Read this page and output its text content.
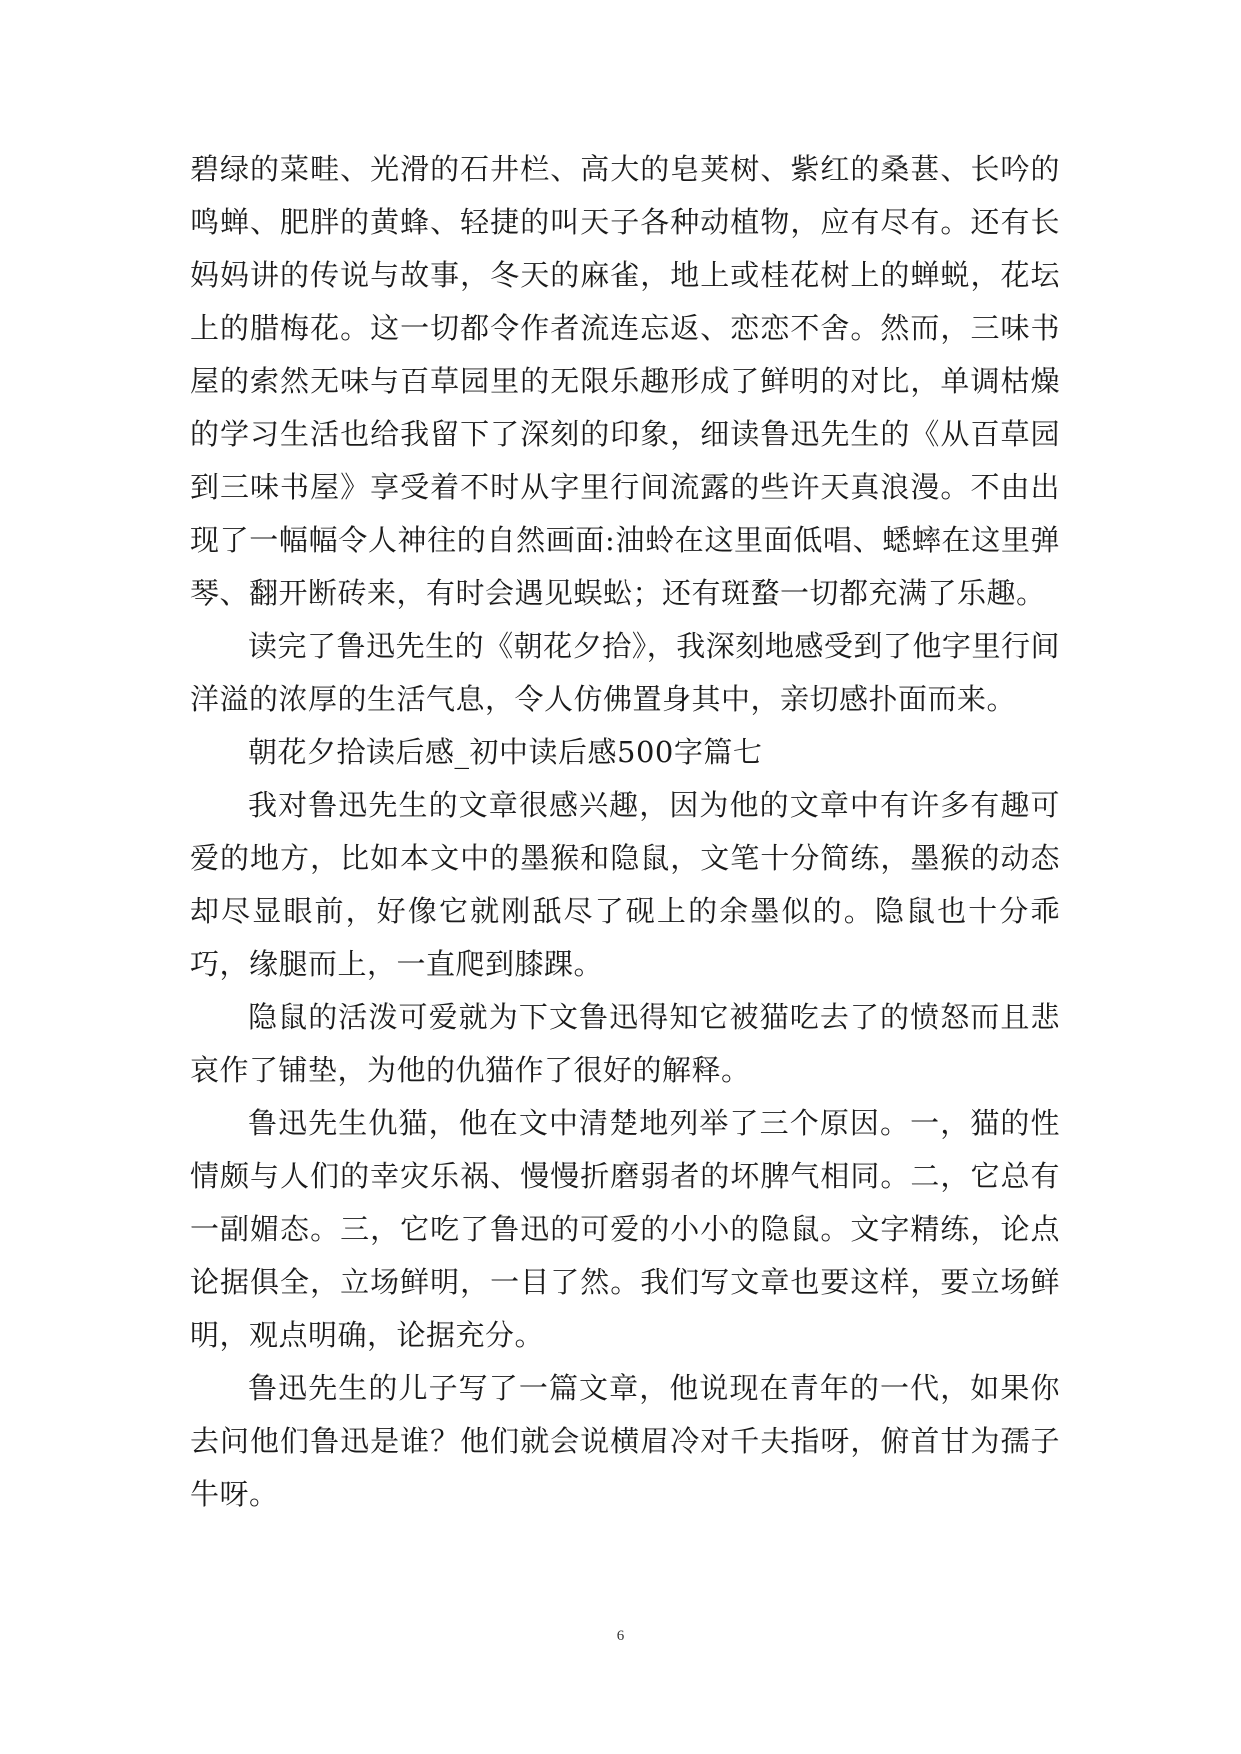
碧绿的菜畦、光滑的石井栏、高大的皂荚树、紫红的桑葚、长吟的鸣蝉、肥胖的黄蜂、轻捷的叫天子各种动植物，应有尽有。还有长妈妈讲的传说与故事，冬天的麻雀，地上或桂花树上的蝉蜕，花坛上的腊梅花。这一切都令作者流连忘返、恋恋不舍。然而，三味书屋的索然无味与百草园里的无限乐趣形成了鲜明的对比，单调枯燥的学习生活也给我留下了深刻的印象，细读鲁迅先生的《从百草园到三味书屋》享受着不时从字里行间流露的些许天真浪漫。不由出现了一幅幅令人神往的自然画面:油蛉在这里面低唱、蟋蟀在这里弹琴、翻开断砖来，有时会遇见蜈蚣；还有斑蝥一切都充满了乐趣。

读完了鲁迅先生的《朝花夕拾》，我深刻地感受到了他字里行间洋溢的浓厚的生活气息，令人仿佛置身其中，亲切感扑面而来。

朝花夕拾读后感_初中读后感500字篇七

我对鲁迅先生的文章很感兴趣，因为他的文章中有许多有趣可爱的地方，比如本文中的墨猴和隐鼠，文笔十分简练，墨猴的动态却尽显眼前，好像它就刚舐尽了砚上的余墨似的。隐鼠也十分乖巧，缘腿而上，一直爬到膝踝。

隐鼠的活泼可爱就为下文鲁迅得知它被猫吃去了的愤怒而且悲哀作了铺垫，为他的仇猫作了很好的解释。

鲁迅先生仇猫，他在文中清楚地列举了三个原因。一，猫的性情颇与人们的幸灾乐祸、慢慢折磨弱者的坏脾气相同。二，它总有一副媚态。三，它吃了鲁迅的可爱的小小的隐鼠。文字精练，论点论据俱全，立场鲜明，一目了然。我们写文章也要这样，要立场鲜明，观点明确，论据充分。

鲁迅先生的儿子写了一篇文章，他说现在青年的一代，如果你去问他们鲁迅是谁？他们就会说横眉冷对千夫指呀，俯首甘为孺子牛呀。

6
